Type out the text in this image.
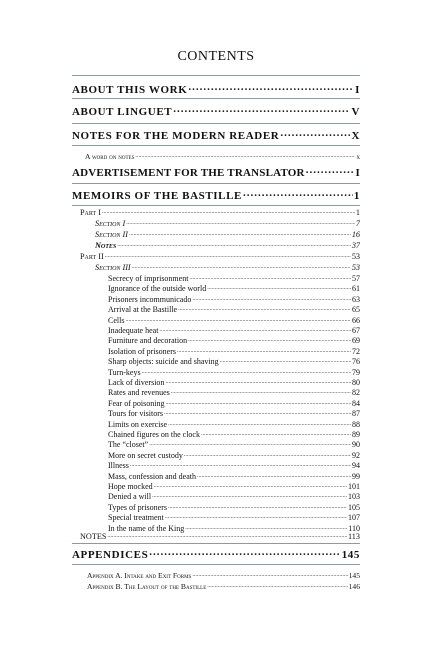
CONTENTS
ABOUT THIS WORK .....	I
ABOUT LINGUET .....	V
NOTES FOR THE MODERN READER .....	X
A word on notes .....	x
ADVERTISEMENT FOR THE TRANSLATOR .....	I
MEMOIRS OF THE BASTILLE .....	1
Part I .....	1
Section I .....	7
Section II .....	16
Notes .....	37
Part II .....	53
Section III .....	53
Secrecy of imprisonment .....	57
Ignorance of the outside world .....	61
Prisoners incommunicado .....	63
Arrival at the Bastille .....	65
Cells .....	66
Inadequate heat .....	67
Furniture and decoration .....	69
Isolation of prisoners .....	72
Sharp objects: suicide and shaving .....	76
Turn-keys .....	79
Lack of diversion .....	80
Rates and revenues .....	82
Fear of poisoning .....	84
Tours for visitors .....	87
Limits on exercise .....	88
Chained figures on the clock .....	89
The “closet” .....	90
More on secret custody .....	92
Illness .....	94
Mass, confession and death .....	99
Hope mocked .....	101
Denied a will .....	103
Types of prisoners .....	105
Special treatment .....	107
In the name of the King .....	110
NOTES .....	113
APPENDICES .....	145
Appendix A. Intake and Exit Forms .....	145
Appendix B. The Layout of the Bastille .....	146
